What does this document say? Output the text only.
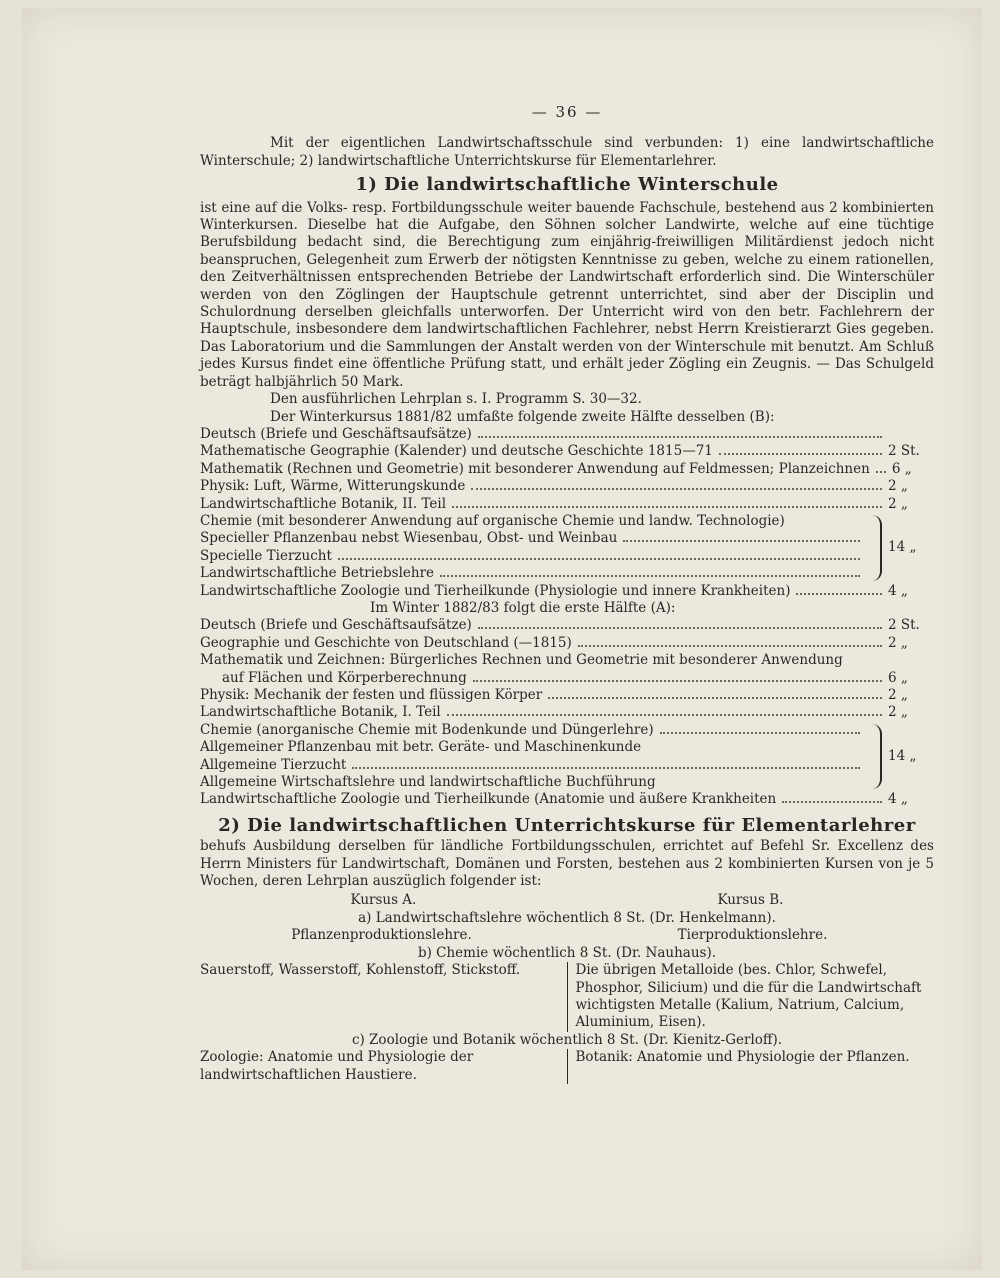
— 36 —

Mit der eigentlichen Landwirtschaftsschule sind verbunden: 1) eine landwirtschaftliche Winterschule; 2) landwirtschaftliche Unterrichtskurse für Elementarlehrer.

1) Die landwirtschaftliche Winterschule

ist eine auf die Volks- resp. Fortbildungsschule weiter bauende Fachschule, bestehend aus 2 kombinierten Winterkursen. Dieselbe hat die Aufgabe, den Söhnen solcher Landwirte, welche auf eine tüchtige Berufsbildung bedacht sind, die Berechtigung zum einjährig-freiwilligen Militärdienst jedoch nicht beanspruchen, Gelegenheit zum Erwerb der nötigsten Kenntnisse zu geben, welche zu einem rationellen, den Zeitverhältnissen entsprechenden Betriebe der Landwirtschaft erforderlich sind. Die Winterschüler werden von den Zöglingen der Hauptschule getrennt unterrichtet, sind aber der Disciplin und Schulordnung derselben gleichfalls unterworfen. Der Unterricht wird von den betr. Fachlehrern der Hauptschule, insbesondere dem landwirtschaftlichen Fachlehrer, nebst Herrn Kreistierarzt Gies gegeben. Das Laboratorium und die Sammlungen der Anstalt werden von der Winterschule mit benutzt. Am Schluß jedes Kursus findet eine öffentliche Prüfung statt, und erhält jeder Zögling ein Zeugnis. — Das Schulgeld beträgt halbjährlich 50 Mark.

Den ausführlichen Lehrplan s. I. Programm S. 30—32.

Der Winterkursus 1881/82 umfaßte folgende zweite Hälfte desselben (B):

Deutsch (Briefe und Geschäftsaufsätze)
Mathematische Geographie (Kalender) und deutsche Geschichte 1815—71	2 St.
Mathematik (Rechnen und Geometrie) mit besonderer Anwendung auf Feldmessen; Planzeichnen 6 „
Physik: Luft, Wärme, Witterungskunde	2 „
Landwirtschaftliche Botanik, II. Teil	2 „
Chemie (mit besonderer Anwendung auf organische Chemie und landw. Technologie)
Specieller Pflanzenbau nebst Wiesenbau, Obst- und Weinbau
Specielle Tierzucht
Landwirtschaftliche Betriebslehre
14 „
Landwirtschaftliche Zoologie und Tierheilkunde (Physiologie und innere Krankheiten)	4 „

Im Winter 1882/83 folgt die erste Hälfte (A):

Deutsch (Briefe und Geschäftsaufsätze)	2 St.
Geographie und Geschichte von Deutschland (—1815)	2 „
Mathematik und Zeichnen: Bürgerliches Rechnen und Geometrie mit besonderer Anwendung
auf Flächen und Körperberechnung	6 „
Physik: Mechanik der festen und flüssigen Körper	2 „
Landwirtschaftliche Botanik, I. Teil	2 „
Chemie (anorganische Chemie mit Bodenkunde und Düngerlehre)
Allgemeiner Pflanzenbau mit betr. Geräte- und Maschinenkunde
Allgemeine Tierzucht
Allgemeine Wirtschaftslehre und landwirtschaftliche Buchführung
14 „
Landwirtschaftliche Zoologie und Tierheilkunde (Anatomie und äußere Krankheiten	4 „
2) Die landwirtschaftlichen Unterrichtskurse für Elementarlehrer

behufs Ausbildung derselben für ländliche Fortbildungsschulen, errichtet auf Befehl Sr. Excellenz des Herrn Ministers für Landwirtschaft, Domänen und Forsten, bestehen aus 2 kombinierten Kursen von je 5 Wochen, deren Lehrplan auszüglich folgender ist:

Kursus A.	Kursus B.
a) Landwirtschaftslehre wöchentlich 8 St. (Dr. Henkelmann).
Pflanzenproduktionslehre.	Tierproduktionslehre.
b) Chemie wöchentlich 8 St. (Dr. Nauhaus).
Sauerstoff, Wasserstoff, Kohlenstoff, Stickstoff.	Die übrigen Metalloide (bes. Chlor, Schwefel, Phosphor, Silicium) und die für die Landwirtschaft wichtigsten Metalle (Kalium, Natrium, Calcium, Aluminium, Eisen).
c) Zoologie und Botanik wöchentlich 8 St. (Dr. Kienitz-Gerloff).
Zoologie: Anatomie und Physiologie der landwirtschaftlichen Haustiere.
Botanik: Anatomie und Physiologie der Pflanzen.
